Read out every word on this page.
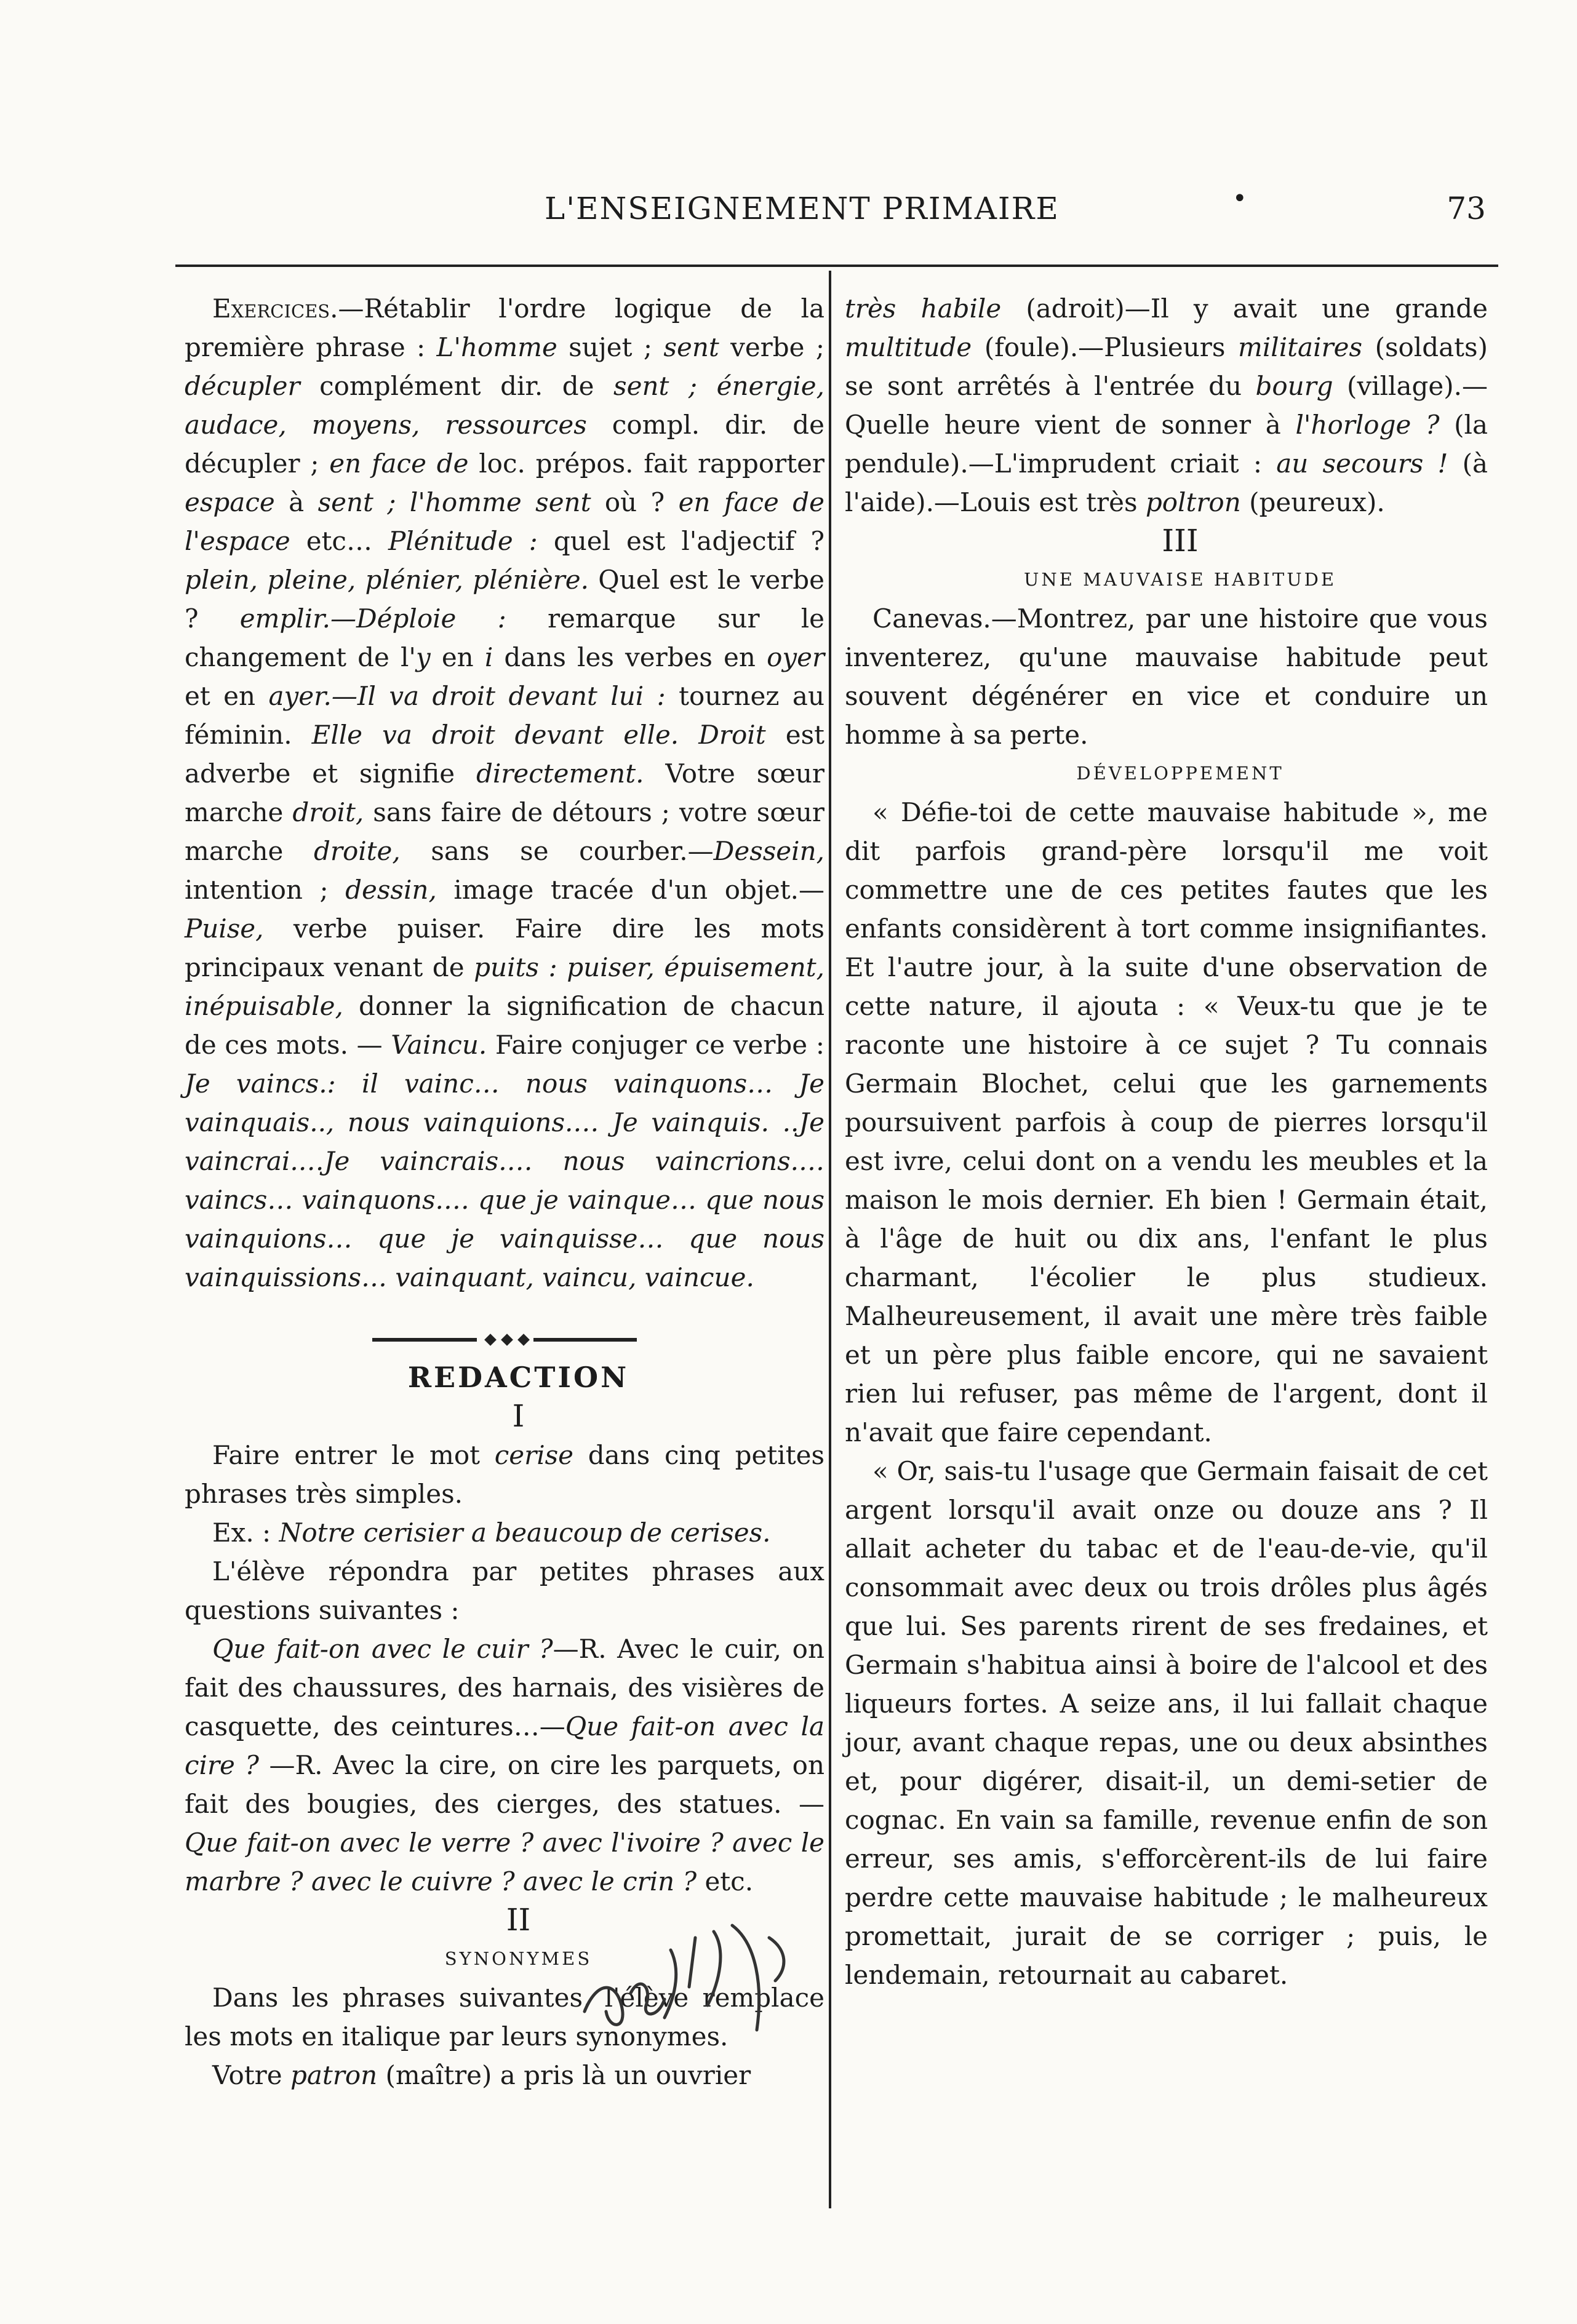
L'ENSEIGNEMENT PRIMAIRE	•	73

Exercices.—Rétablir l'ordre logique de la première phrase : L'homme sujet ; sent verbe ; décupler complément dir. de sent ; énergie, audace, moyens, ressources compl. dir. de décupler ; en face de loc. prépos. fait rapporter espace à sent ; l'homme sent où ? en face de l'espace etc… Plénitude : quel est l'adjectif ? plein, pleine, plénier, plénière. Quel est le verbe ? emplir.—Déploie : remarque sur le changement de l'y en i dans les verbes en oyer et en ayer.—Il va droit devant lui : tournez au féminin. Elle va droit devant elle. Droit est adverbe et signifie directement. Votre sœur marche droit, sans faire de détours ; votre sœur marche droite, sans se courber.—Dessein, intention ; dessin, image tracée d'un objet.—Puise, verbe puiser. Faire dire les mots principaux venant de puits : puiser, épuisement, inépuisable, donner la signification de chacun de ces mots. — Vaincu. Faire conjuger ce verbe : Je vaincs.: il vainc… nous vainquons… Je vainquais.., nous vainquions.… Je vainquis. ..Je vaincrai.…Je vaincrais.… nous vaincrions.… vaincs… vainquons.… que je vainque… que nous vainquions… que je vainquisse… que nous vainquissions… vainquant, vaincu, vaincue.

REDACTION

I

Faire entrer le mot cerise dans cinq petites phrases très simples.

Ex. : Notre cerisier a beaucoup de cerises.

L'élève répondra par petites phrases aux questions suivantes :

Que fait-on avec le cuir ?—R. Avec le cuir, on fait des chaussures, des harnais, des visières de casquette, des ceintures…—Que fait-on avec la cire ? —R. Avec la cire, on cire les parquets, on fait des bougies, des cierges, des statues. — Que fait-on avec le verre ? avec l'ivoire ? avec le marbre ? avec le cuivre ? avec le crin ? etc.

II

SYNONYMES

Dans les phrases suivantes, l'élève remplace les mots en italique par leurs synonymes.

Votre patron (maître) a pris là un ouvrier

très habile (adroit)—Il y avait une grande multitude (foule).—Plusieurs militaires (soldats) se sont arrêtés à l'entrée du bourg (village).—Quelle heure vient de sonner à l'horloge ? (la pendule).—L'imprudent criait : au secours ! (à l'aide).—Louis est très poltron (peureux).

III

UNE MAUVAISE HABITUDE

Canevas.—Montrez, par une histoire que vous inventerez, qu'une mauvaise habitude peut souvent dégénérer en vice et conduire un homme à sa perte.

DÉVELOPPEMENT

« Défie-toi de cette mauvaise habitude », me dit parfois grand-père lorsqu'il me voit commettre une de ces petites fautes que les enfants considèrent à tort comme insignifiantes. Et l'autre jour, à la suite d'une observation de cette nature, il ajouta : « Veux-tu que je te raconte une histoire à ce sujet ? Tu connais Germain Blochet, celui que les garnements poursuivent parfois à coup de pierres lorsqu'il est ivre, celui dont on a vendu les meubles et la maison le mois dernier. Eh bien ! Germain était, à l'âge de huit ou dix ans, l'enfant le plus charmant, l'écolier le plus studieux. Malheureusement, il avait une mère très faible et un père plus faible encore, qui ne savaient rien lui refuser, pas même de l'argent, dont il n'avait que faire cependant.

« Or, sais-tu l'usage que Germain faisait de cet argent lorsqu'il avait onze ou douze ans ? Il allait acheter du tabac et de l'eau-de-vie, qu'il consommait avec deux ou trois drôles plus âgés que lui. Ses parents rirent de ses fredaines, et Germain s'habitua ainsi à boire de l'alcool et des liqueurs fortes. A seize ans, il lui fallait chaque jour, avant chaque repas, une ou deux absinthes et, pour digérer, disait-il, un demi-setier de cognac. En vain sa famille, revenue enfin de son erreur, ses amis, s'efforcèrent-ils de lui faire perdre cette mauvaise habitude ; le malheureux promettait, jurait de se corriger ; puis, le lendemain, retournait au cabaret.
